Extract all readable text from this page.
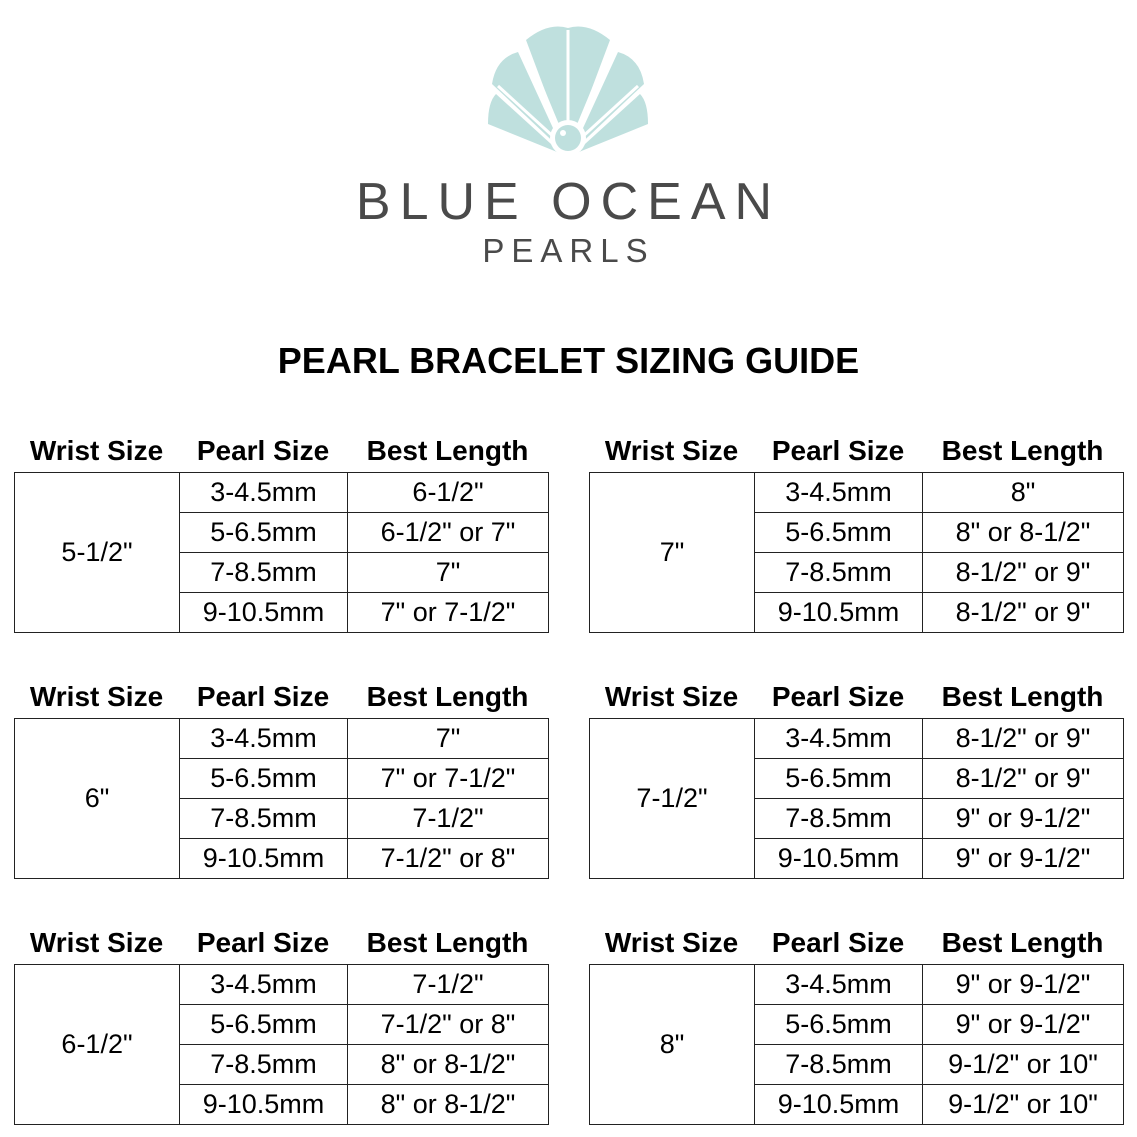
BLUE OCEAN
PEARLS
PEARL BRACELET SIZING GUIDE
Wrist Size	Pearl Size	Best Length
5-1/2"	3-4.5mm	6-1/2"
	5-6.5mm	6-1/2" or 7"
	7-8.5mm	7"
	9-10.5mm	7" or 7-1/2"
Wrist Size	Pearl Size	Best Length
7"	3-4.5mm	8"
	5-6.5mm	8" or 8-1/2"
	7-8.5mm	8-1/2" or 9"
	9-10.5mm	8-1/2" or 9"
Wrist Size	Pearl Size	Best Length
6"	3-4.5mm	7"
	5-6.5mm	7" or 7-1/2"
	7-8.5mm	7-1/2"
	9-10.5mm	7-1/2" or 8"
Wrist Size	Pearl Size	Best Length
7-1/2"	3-4.5mm	8-1/2" or 9"
	5-6.5mm	8-1/2" or 9"
	7-8.5mm	9" or 9-1/2"
	9-10.5mm	9" or 9-1/2"
Wrist Size	Pearl Size	Best Length
6-1/2"	3-4.5mm	7-1/2"
	5-6.5mm	7-1/2" or 8"
	7-8.5mm	8" or 8-1/2"
	9-10.5mm	8" or 8-1/2"
Wrist Size	Pearl Size	Best Length
8"	3-4.5mm	9" or 9-1/2"
	5-6.5mm	9" or 9-1/2"
	7-8.5mm	9-1/2" or 10"
	9-10.5mm	9-1/2" or 10"
